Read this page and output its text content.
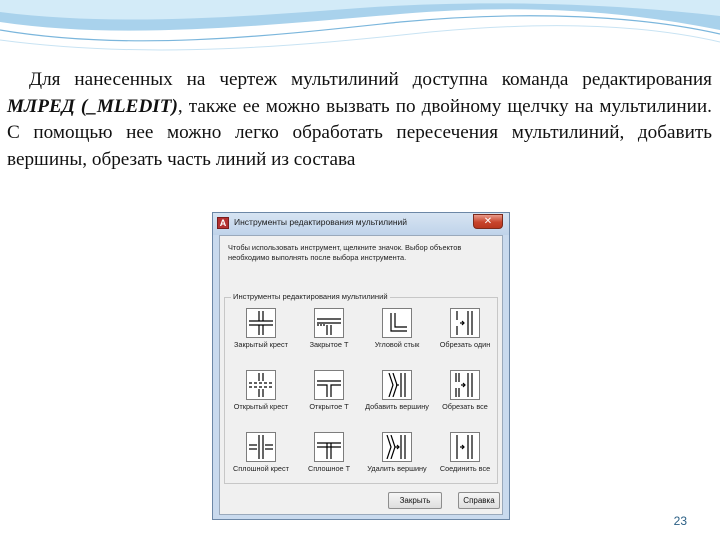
Для нанесенных на чертеж мультилиний доступна команда редактирования МЛРЕД (_MLEDIT), также ее можно вызвать по двойному щелчку на мультилинии. С помощью нее можно легко обработать пересечения мультилиний, добавить вершины, обрезать часть линий из состава
A Инструменты редактирования мультилиний	✕
Чтобы использовать инструмент, щелкните значок. Выбор объектов необходимо выполнять после выбора инструмента.
Инструменты редактирования мультилиний
Закрытый крест	Закрытое Т	Угловой стык	Обрезать один
Открытый крест	Открытое Т	Добавить вершину	Обрезать все
Сплошной крест	Сплошное Т	Удалить вершину	Соединить все
Закрыть	Справка
23
